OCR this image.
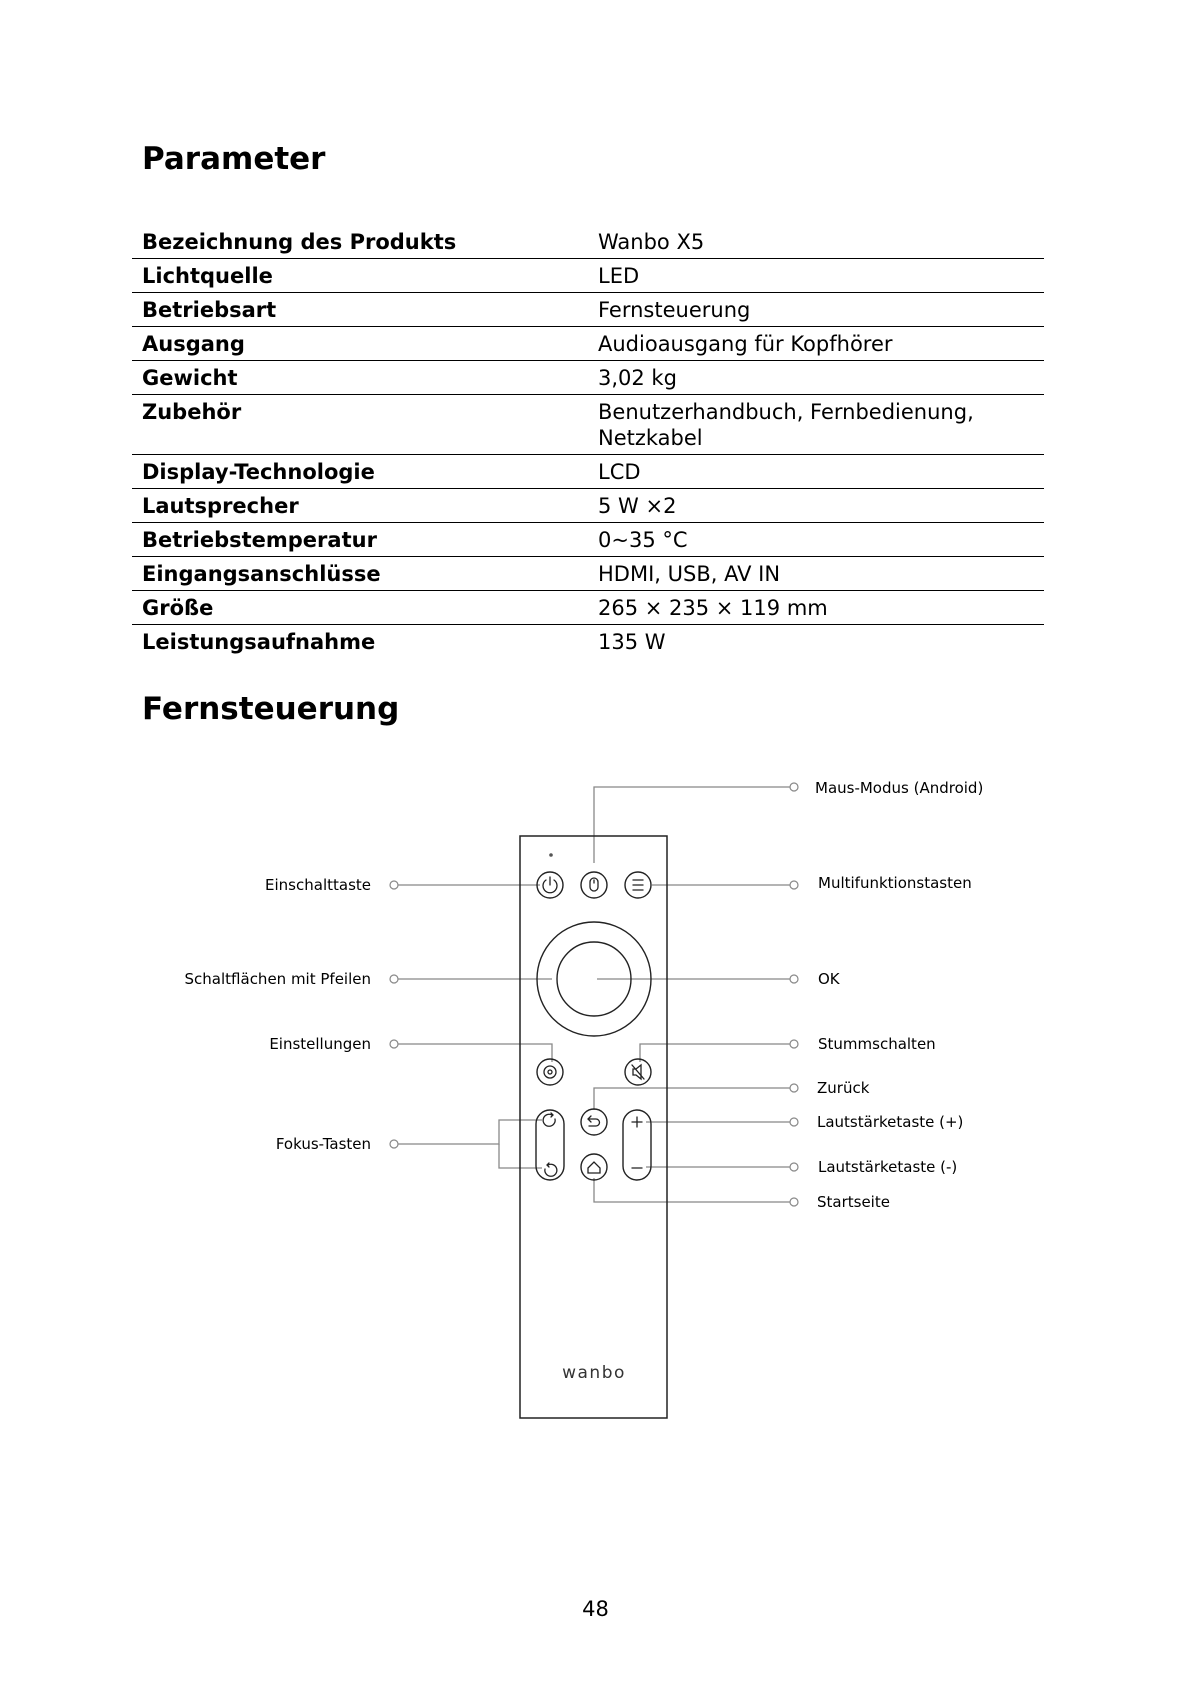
Parameter
Bezeichnung des Produkts	Wanbo X5
Lichtquelle	LED
Betriebsart	Fernsteuerung
Ausgang	Audioausgang für Kopfhörer
Gewicht	3,02 kg
Zubehör	Benutzerhandbuch, Fernbedienung, Netzkabel
Display-Technologie	LCD
Lautsprecher	5 W ×2
Betriebstemperatur	0~35 °C
Eingangsanschlüsse	HDMI, USB, AV IN
Größe	265 × 235 × 119 mm
Leistungsaufnahme	135 W
Fernsteuerung
wanbo
Einschalttaste
Schaltflächen mit Pfeilen
Einstellungen
Fokus-Tasten
Maus-Modus (Android)
Multifunktionstasten
OK
Stummschalten
Zurück
Lautstärketaste (+)
Lautstärketaste (-)
Startseite
48
